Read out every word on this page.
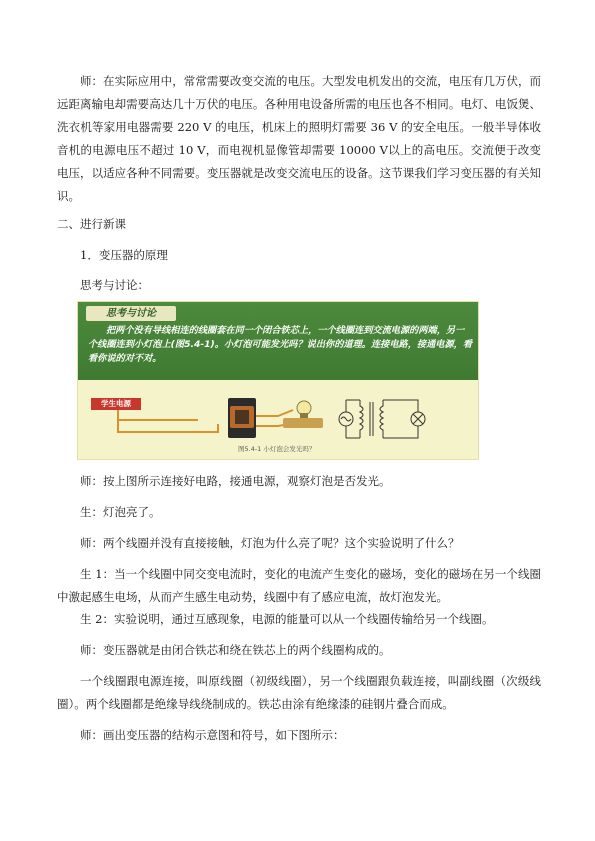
师：在实际应用中，常常需要改变交流的电压。大型发电机发出的交流，电压有几万伏，而远距离输电却需要高达几十万伏的电压。各种用电设备所需的电压也各不相同。电灯、电饭煲、洗衣机等家用电器需要 220 V 的电压，机床上的照明灯需要 36 V 的安全电压。一般半导体收音机的电源电压不超过 10 V，而电视机显像管却需要 10000 V以上的高电压。交流便于改变电压，以适应各种不同需要。变压器就是改变交流电压的设备。这节课我们学习变压器的有关知识。

二、进行新课

1．变压器的原理

思考与讨论：

思考与讨论

把两个没有导线相连的线圈套在同一个闭合铁芯上，一个线圈连到交流电源的两端，另一个线圈连到小灯泡上(图5.4-1)。小灯泡可能发光吗？说出你的道理。连接电路，接通电源，看看你说的对不对。

学生电源
图5.4-1 小灯泡会发光吗？

师：按上图所示连接好电路，接通电源，观察灯泡是否发光。

生：灯泡亮了。

师：两个线圈并没有直接接触，灯泡为什么亮了呢？这个实验说明了什么？

生 1：当一个线圈中同交变电流时，变化的电流产生变化的磁场，变化的磁场在另一个线圈中激起感生电场，从而产生感生电动势，线圈中有了感应电流，故灯泡发光。

生 2：实验说明，通过互感现象，电源的能量可以从一个线圈传输给另一个线圈。

师：变压器就是由闭合铁芯和绕在铁芯上的两个线圈构成的。

一个线圈跟电源连接，叫原线圈（初级线圈），另一个线圈跟负载连接，叫副线圈（次级线圈）。两个线圈都是绝缘导线绕制成的。铁芯由涂有绝缘漆的硅钢片叠合而成。

师：画出变压器的结构示意图和符号，如下图所示：
